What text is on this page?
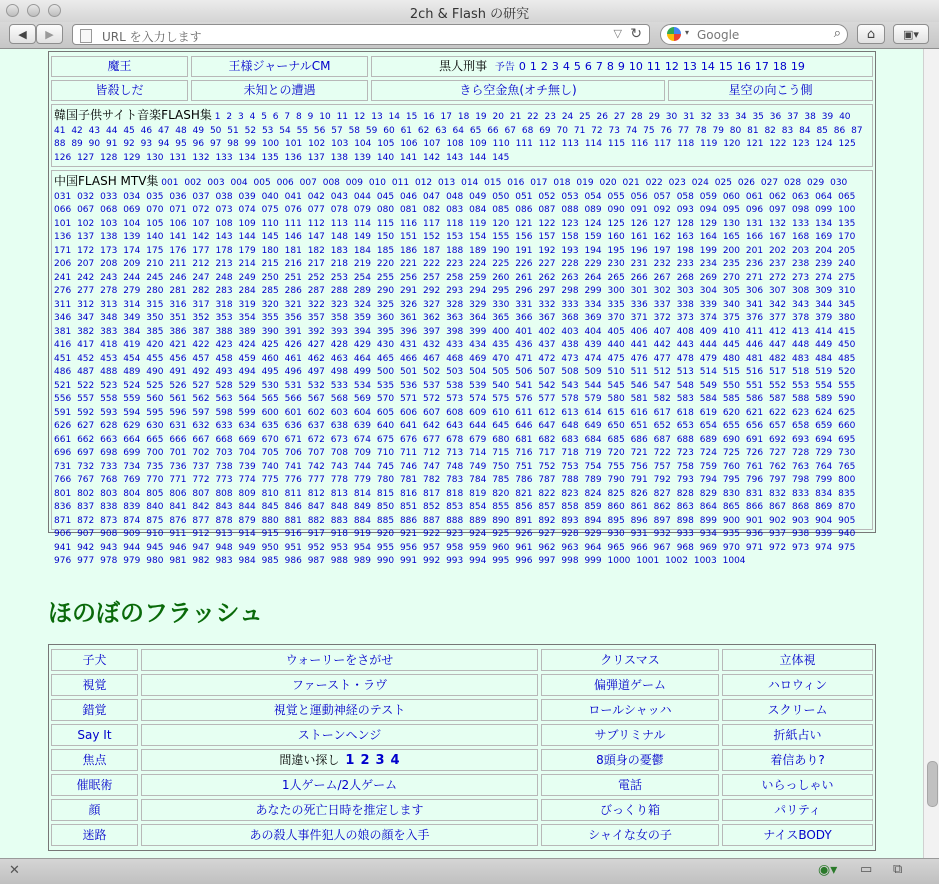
2ch & Flash の研究
◀ ▶	URL を入力します	▽ ↻	▾ Google	⌕ ⌂	▣▾
魔王	王様ジャーナルCM	黒人刑事 予告 0 1 2 3 4 5 6 7 8 9 10 11 12 13 14 15 16 17 18 19
皆殺しだ	未知との遭遇	きら空金魚(オチ無し)	星空の向こう側
韓国子供サイト音楽FLASH集 1 2 3 4 5 6 7 8 9 10 11 12 13 14 15 16 17 18 19 20 21 22 23 24 25 26 27 28 29 30 31 32 33 34 35 36 37 38 39 40 41 42 43 44 45 46 47 48 49 50 51 52 53 54 55 56 57 58 59 60 61 62 63 64 65 66 67 68 69 70 71 72 73 74 75 76 77 78 79 80 81 82 83 84 85 86 87 88 89 90 91 92 93 94 95 96 97 98 99 100 101 102 103 104 105 106 107 108 109 110 111 112 113 114 115 116 117 118 119 120 121 122 123 124 125 126 127 128 129 130 131 132 133 134 135 136 137 138 139 140 141 142 143 144 145
中国FLASH MTV集 001 002 003 004 005 006 007 008 009 010 011 012 013 014 015 016 017 018 019 020 021 022 023 024 025 026 027 028 029 030 031 032 033 034 035 036 037 038 039 040 041 042 043 044 045 046 047 048 049 050 051 052 053 054 055 056 057 058 059 060 061 062 063 064 065 066 067 068 069 070 071 072 073 074 075 076 077 078 079 080 081 082 083 084 085 086 087 088 089 090 091 092 093 094 095 096 097 098 099 100 101 102 103 104 105 106 107 108 109 110 111 112 113 114 115 116 117 118 119 120 121 122 123 124 125 126 127 128 129 130 131 132 133 134 135 136 137 138 139 140 141 142 143 144 145 146 147 148 149 150 151 152 153 154 155 156 157 158 159 160 161 162 163 164 165 166 167 168 169 170 171 172 173 174 175 176 177 178 179 180 181 182 183 184 185 186 187 188 189 190 191 192 193 194 195 196 197 198 199 200 201 202 203 204 205 206 207 208 209 210 211 212 213 214 215 216 217 218 219 220 221 222 223 224 225 226 227 228 229 230 231 232 233 234 235 236 237 238 239 240 241 242 243 244 245 246 247 248 249 250 251 252 253 254 255 256 257 258 259 260 261 262 263 264 265 266 267 268 269 270 271 272 273 274 275 276 277 278 279 280 281 282 283 284 285 286 287 288 289 290 291 292 293 294 295 296 297 298 299 300 301 302 303 304 305 306 307 308 309 310 311 312 313 314 315 316 317 318 319 320 321 322 323 324 325 326 327 328 329 330 331 332 333 334 335 336 337 338 339 340 341 342 343 344 345 346 347 348 349 350 351 352 353 354 355 356 357 358 359 360 361 362 363 364 365 366 367 368 369 370 371 372 373 374 375 376 377 378 379 380 381 382 383 384 385 386 387 388 389 390 391 392 393 394 395 396 397 398 399 400 401 402 403 404 405 406 407 408 409 410 411 412 413 414 415 416 417 418 419 420 421 422 423 424 425 426 427 428 429 430 431 432 433 434 435 436 437 438 439 440 441 442 443 444 445 446 447 448 449 450 451 452 453 454 455 456 457 458 459 460 461 462 463 464 465 466 467 468 469 470 471 472 473 474 475 476 477 478 479 480 481 482 483 484 485 486 487 488 489 490 491 492 493 494 495 496 497 498 499 500 501 502 503 504 505 506 507 508 509 510 511 512 513 514 515 516 517 518 519 520 521 522 523 524 525 526 527 528 529 530 531 532 533 534 535 536 537 538 539 540 541 542 543 544 545 546 547 548 549 550 551 552 553 554 555 556 557 558 559 560 561 562 563 564 565 566 567 568 569 570 571 572 573 574 575 576 577 578 579 580 581 582 583 584 585 586 587 588 589 590 591 592 593 594 595 596 597 598 599 600 601 602 603 604 605 606 607 608 609 610 611 612 613 614 615 616 617 618 619 620 621 622 623 624 625 626 627 628 629 630 631 632 633 634 635 636 637 638 639 640 641 642 643 644 645 646 647 648 649 650 651 652 653 654 655 656 657 658 659 660 661 662 663 664 665 666 667 668 669 670 671 672 673 674 675 676 677 678 679 680 681 682 683 684 685 686 687 688 689 690 691 692 693 694 695 696 697 698 699 700 701 702 703 704 705 706 707 708 709 710 711 712 713 714 715 716 717 718 719 720 721 722 723 724 725 726 727 728 729 730 731 732 733 734 735 736 737 738 739 740 741 742 743 744 745 746 747 748 749 750 751 752 753 754 755 756 757 758 759 760 761 762 763 764 765 766 767 768 769 770 771 772 773 774 775 776 777 778 779 780 781 782 783 784 785 786 787 788 789 790 791 792 793 794 795 796 797 798 799 800 801 802 803 804 805 806 807 808 809 810 811 812 813 814 815 816 817 818 819 820 821 822 823 824 825 826 827 828 829 830 831 832 833 834 835 836 837 838 839 840 841 842 843 844 845 846 847 848 849 850 851 852 853 854 855 856 857 858 859 860 861 862 863 864 865 866 867 868 869 870 871 872 873 874 875 876 877 878 879 880 881 882 883 884 885 886 887 888 889 890 891 892 893 894 895 896 897 898 899 900 901 902 903 904 905 906 907 908 909 910 911 912 913 914 915 916 917 918 919 920 921 922 923 924 925 926 927 928 929 930 931 932 933 934 935 936 937 938 939 940 941 942 943 944 945 946 947 948 949 950 951 952 953 954 955 956 957 958 959 960 961 962 963 964 965 966 967 968 969 970 971 972 973 974 975 976 977 978 979 980 981 982 983 984 985 986 987 988 989 990 991 992 993 994 995 996 997 998 999 1000 1001 1002 1003 1004
ほのぼのフラッシュ
子犬	ウォーリーをさがせ	クリスマス	立体視
視覚	ファースト・ラヴ	偏弾道ゲーム	ハロウィン
錯覚	視覚と運動神経のテスト	ロールシャッハ	スクリーム
Say It	ストーンヘンジ	サブリミナル	折紙占い
焦点	間違い探し 1 2 3 4	8頭身の憂鬱	着信あり?
催眠術	1人ゲーム/2人ゲーム	電話	いらっしゃい
顔	あなたの死亡日時を推定します	びっくり箱	パリティ
迷路	あの殺人事件犯人の娘の顔を入手	シャイな女の子	ナイスBODY
✕	◉▾ ▭ ⧉
